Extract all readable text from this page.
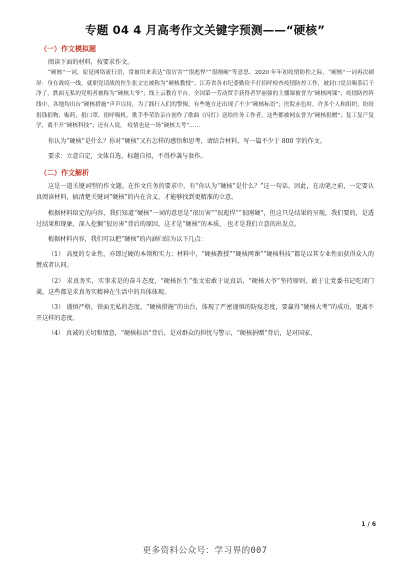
专题 04 4 月高考作文关键字预测——“硬核”
（一）作文模拟题

阅读下面的材料，按要求作文。

“硬核”一词，原是网络流行语，常被用来表达“很厉害”“很彪悍”“很刚硬”等意思。2020 年年初疫情防控之际，“硬核”一词再次刷屏：身在战疫一线，就职党请战的医生张文宏被称为“硬核教授”；江苏省各市纪委勤俭不打招呼检查疫情防控工作，被封口党员喝茶后干净了，鉄面无私的党明者被称为“硬核大爷”；线上云教育平台，全国第一劳动贸手获得者罗丽强的主播课被誉为“硬核网课”；疫情防控阵线中，各地均出台“硬核措施”声声以待，为了践行入们的警惕，有些地方还出现了不少“硬核标语”；医院赤色时，许多个人和组织，纷纷捐钱捐物，赈药，捐口罩，捐呼吸机，歌手李荣浩亲自创作了歌曲《闪灯》送给医务工作者，这些都被网友誉为“硬核捐赠”；复工复产复学，离不开“硬核科技”；还有人说， 疫情也是一场“硬核大考”……

你认为“硬核”是什么？你对“硬核”又有怎样的感悟和思考，请结合材料，写一篇不少于 800 字的作文。

要求：立意自定，文体自选，标题自拟，不得抄袭与套作。

（二）作文解析

这是一道关键词型的作文题。在作文任务的要求中，有“你认为“硬核”是什么？”这一句话，因此，在动笔之前，一定要认真阅读材料，搞清楚关键词“硬核”的内在含义，才能够找到更精准的立意。

根据材料给定的内容，我们知道“硬核”一词的意思是“很厉害”“很彪悍”“很刚硬”，但这只是结果的呈现，我们要的，是透过结果和现象，深入挖掘“很厉害”背后的原因，这才是“硬核”的本质， 也才是我们立意的出发点。

根据材料内容，我们可以把“硬核”的内涵归结为以下几点：

（1） 高度的专业性，亦即过硬的本领和实力；材料中，“硬核教授”“硬核网课”“硬核科技”都是以其专业性而获得众人的赞成者认同。

（2） 求真务实，实事求是的奋斗态度，“硬核医生”张文宏敢于说真话，“硬核大爷”坚持原则，敢于让党委书记吃闭门羹，这些都是求真务实精神在生活中的具体体现。

（3） 谨慎严格，铁面无私的态度，“硬核措施”的出台，体现了严密谨慎的防疫态度，要赢得“硬核大考”的成功，更离不开这样的态度。

（4） 真诚的关切和情意，“硬核标语”背后，是对群众的担忧与警示，“硬核捐赠”背后，是对国家、

1 / 6
更多资料公众号：学习界的007
